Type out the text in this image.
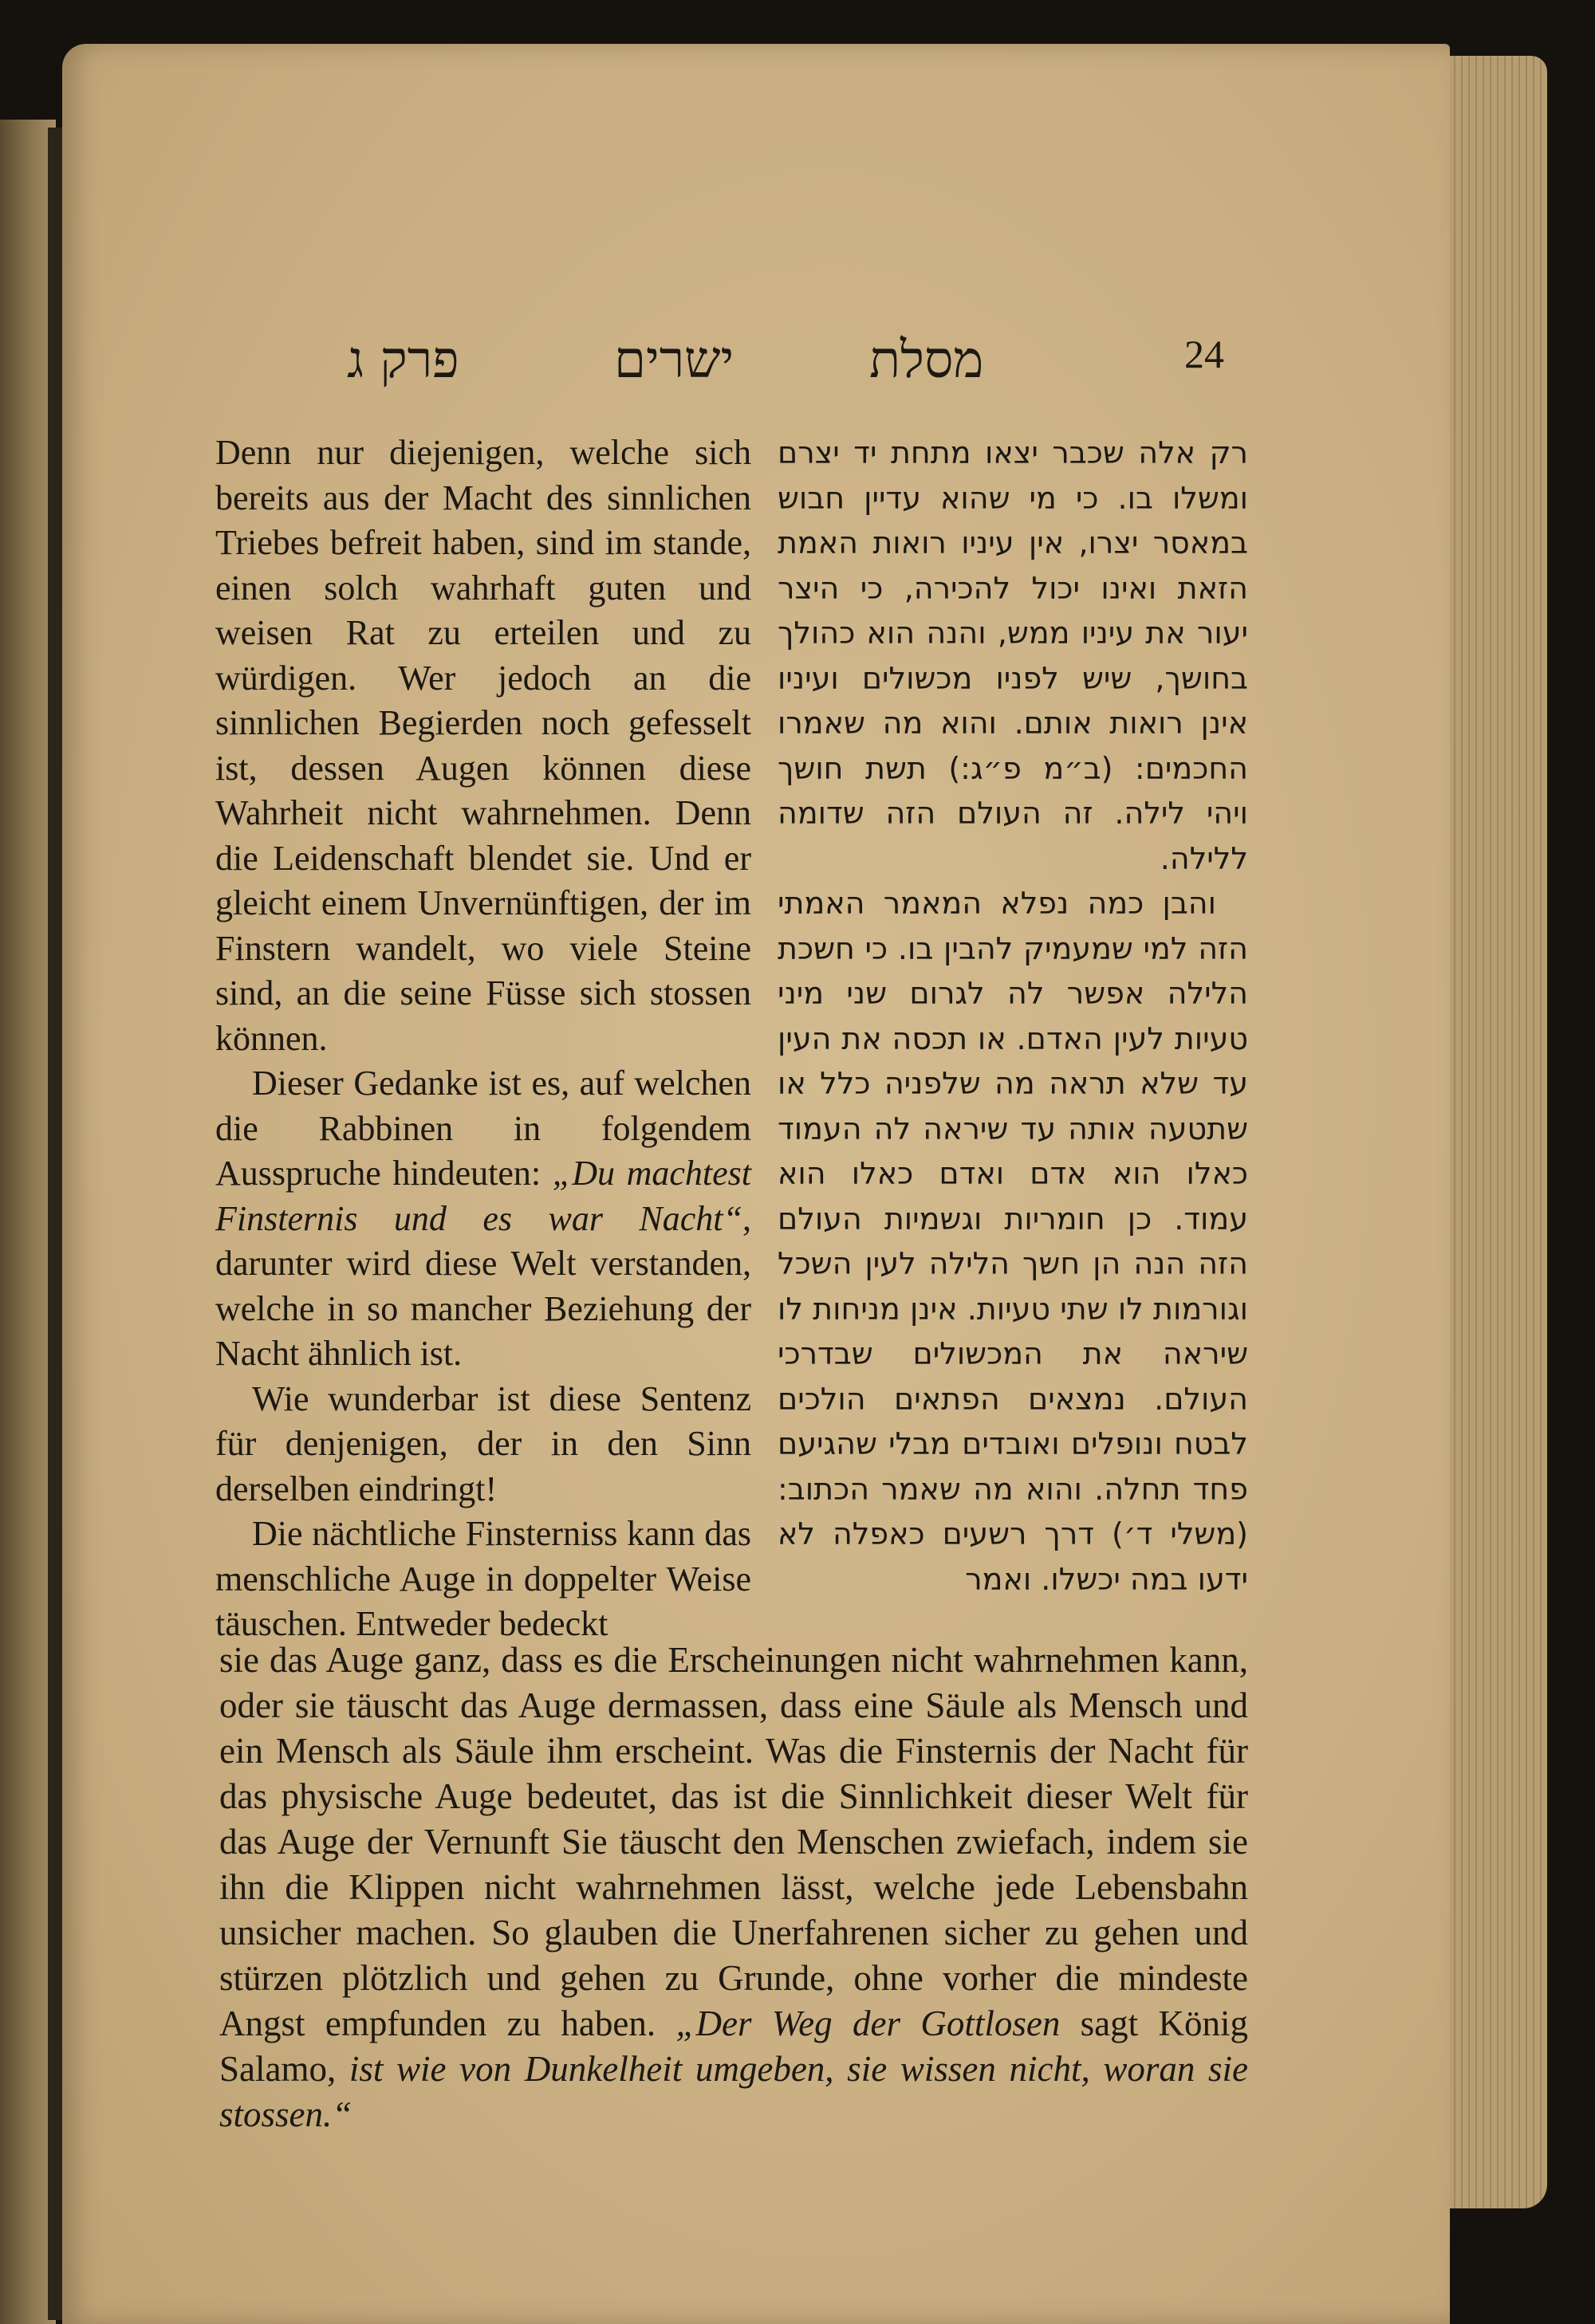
פרק ג	ישרים	מסלת	24
Denn nur diejenigen, welche sich bereits aus der Macht des sinnlichen Triebes befreit haben, sind im stande, einen solch wahrhaft guten und weisen Rat zu erteilen und zu würdigen. Wer jedoch an die sinnlichen Begierden noch gefesselt ist, dessen Augen können diese Wahrheit nicht wahrnehmen. Denn die Leidenschaft blendet sie. Und er gleicht einem Unvernünftigen, der im Finstern wandelt, wo viele Steine sind, an die seine Füsse sich stossen können.
Dieser Gedanke ist es, auf welchen die Rabbinen in folgendem Ausspruche hindeuten: „Du machtest Finsternis und es war Nacht“, darunter wird diese Welt verstanden, welche in so mancher Beziehung der Nacht ähnlich ist.
Wie wunderbar ist diese Sentenz für denjenigen, der in den Sinn derselben eindringt!
Die nächtliche Finsterniss kann das menschliche Auge in doppelter Weise täuschen. Entweder bedeckt
רק אלה שכבר יצאו מתחת יד יצרם ומשלו בו. כי מי שהוא עדיין חבוש במאסר יצרו, אין עיניו רואות האמת הזאת ואינו יכול להכירה, כי היצר יעור את עיניו ממש, והנה הוא כהולך בחושך, שיש לפניו מכשולים ועיניו אינן רואות אותם. והוא מה שאמרו החכמים: (ב״מ פ״ג:) תשת חושך ויהי לילה. זה העולם הזה שדומה ללילה.
והבן כמה נפלא המאמר האמתי הזה למי שמעמיק להבין בו. כי חשכת הלילה אפשר לה לגרום שני מיני טעיות לעין האדם. או תכסה את העין עד שלא תראה מה שלפניה כלל או שתטעה אותה עד שיראה לה העמוד כאלו הוא אדם ואדם כאלו הוא עמוד. כן חומריות וגשמיות העולם הזה הנה הן חשך הלילה לעין השכל וגורמות לו שתי טעיות. אינן מניחות לו שיראה את המכשולים שבדרכי העולם. נמצאים הפתאים הולכים לבטח ונופלים ואובדים מבלי שהגיעם פחד תחלה. והוא מה שאמר הכתוב: (משלי ד׳) דרך רשעים כאפלה לא ידעו במה יכשלו. ואמר
sie das Auge ganz, dass es die Erscheinungen nicht wahrnehmen kann, oder sie täuscht das Auge dermassen, dass eine Säule als Mensch und ein Mensch als Säule ihm erscheint. Was die Finsternis der Nacht für das physische Auge bedeutet, das ist die Sinnlichkeit dieser Welt für das Auge der Vernunft Sie täuscht den Menschen zwiefach, indem sie ihn die Klippen nicht wahrnehmen lässt, welche jede Lebensbahn unsicher machen. So glauben die Unerfahrenen sicher zu gehen und stürzen plötzlich und gehen zu Grunde, ohne vorher die mindeste Angst empfunden zu haben. „Der Weg der Gottlosen sagt König Salamo, ist wie von Dunkelheit umgeben, sie wissen nicht, woran sie stossen.“
